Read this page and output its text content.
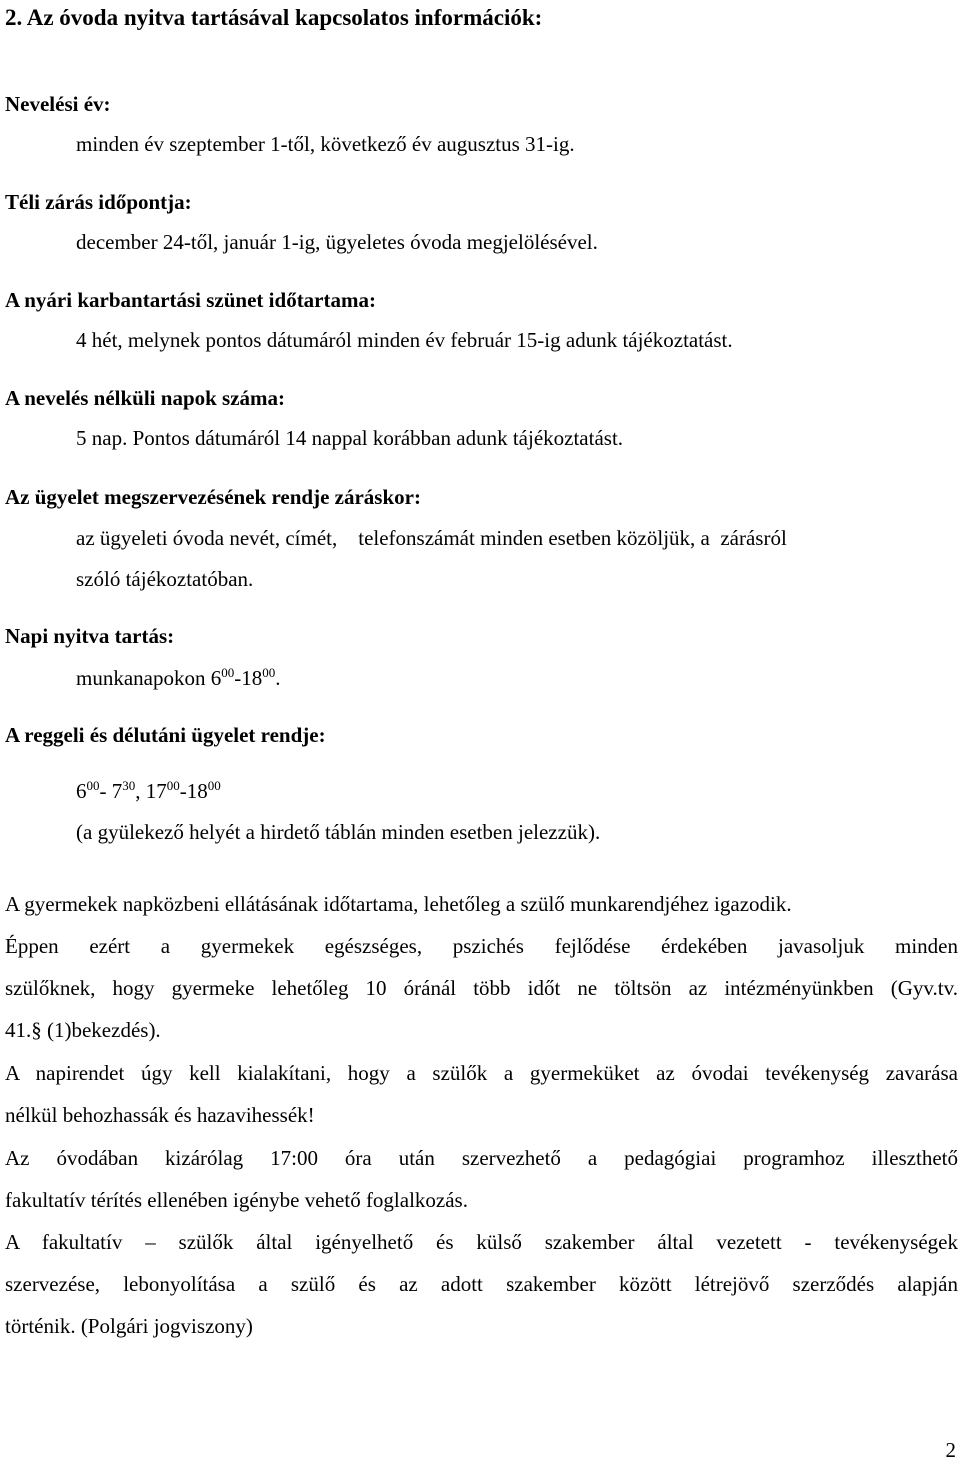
2. Az óvoda nyitva tartásával kapcsolatos információk:
Nevelési év:
minden év szeptember 1-től, következő év augusztus 31-ig.
Téli zárás időpontja:
december 24-től, január 1-ig, ügyeletes óvoda megjelölésével.
A nyári karbantartási szünet időtartama:
4 hét, melynek pontos dátumáról minden év február 15-ig adunk tájékoztatást.
A nevelés nélküli napok száma:
5 nap. Pontos dátumáról 14 nappal korábban adunk tájékoztatást.
Az ügyelet megszervezésének rendje záráskor:
az ügyeleti óvoda nevét, címét,    telefonszámát minden esetben közöljük, a  zárásról
szóló tájékoztatóban.
Napi nyitva tartás:
munkanapokon $6^{00}-18^{00}$.
A reggeli és délutáni ügyelet rendje:
$6^{00}-$ $7^{30}$, $17^{00}-18^{00}$
(a gyülekező helyét a hirdető táblán minden esetben jelezzük).
A gyermekek napközbeni ellátásának időtartama, lehetőleg a szülő munkarendjéhez igazodik.
Éppen ezért a gyermekek egészséges, pszichés fejlődése érdekében javasoljuk minden
szülőknek, hogy gyermeke lehetőleg 10 óránál több időt ne töltsön az intézményünkben (Gyv.tv.
41.§ (1)bekezdés).
A napirendet úgy kell kialakítani, hogy a szülők a gyermeküket az óvodai tevékenység zavarása
nélkül behozhassák és hazavihessék!
Az óvodában kizárólag 17:00 óra után szervezhető a pedagógiai programhoz illeszthető
fakultatív térítés ellenében igénybe vehető foglalkozás.
A fakultatív – szülők által igényelhető és külső szakember által vezetett - tevékenységek
szervezése, lebonyolítása a szülő és az adott szakember között létrejövő szerződés alapján
történik. (Polgári jogviszony)
2
